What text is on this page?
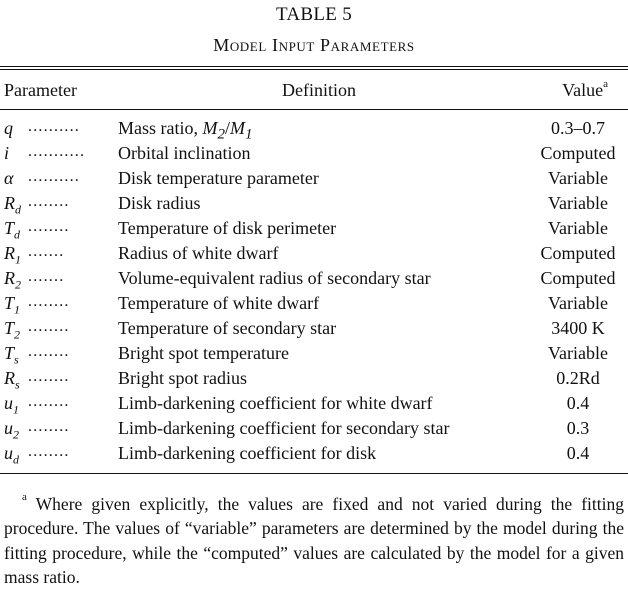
TABLE 5
Model Input Parameters
Parameter	Definition	Value$^a$
q .......... Mass ratio, $M_2/M_1$	0.3–0.7
i ........... Orbital inclination	Computed
α .......... Disk temperature parameter	Variable
$R_d$ ........	Disk radius	Variable
$T_d$ ........	Temperature of disk perimeter	Variable
$R_1$ .......	Radius of white dwarf	Computed
$R_2$ .......	Volume-equivalent radius of secondary star	Computed
$T_1$ ........	Temperature of white dwarf	Variable
$T_2$ ........	Temperature of secondary star	3400 K
$T_s$ ........	Bright spot temperature	Variable
$R_s$ ........	Bright spot radius	0.2Rd
$u_1$ ........	Limb-darkening coefficient for white dwarf	0.4
$u_2$ ........	Limb-darkening coefficient for secondary star	0.3
$u_d$ ........	Limb-darkening coefficient for disk	0.4
$^a$ Where given explicitly, the values are fixed and not varied during the fitting procedure. The values of “variable” parameters are determined by the model during the fitting procedure, while the “computed” values are calculated by the model for a given mass ratio.
